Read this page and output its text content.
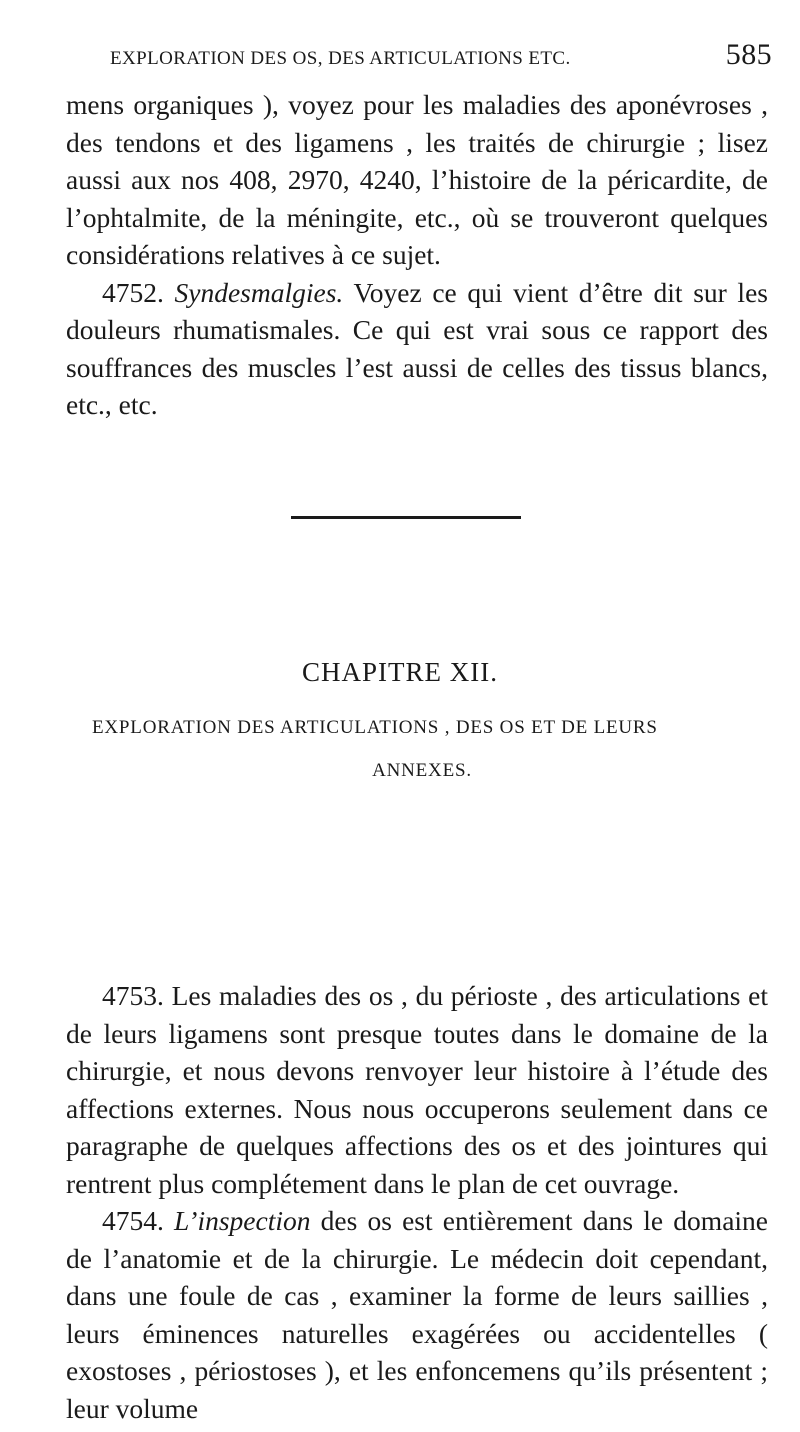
EXPLORATION DES OS, DES ARTICULATIONS ETC.	585

mens organiques ), voyez pour les maladies des aponévroses , des tendons et des ligamens , les traités de chirurgie ; lisez aussi aux nos 408, 2970, 4240, l’histoire de la péricardite, de l’ophtalmite, de la méningite, etc., où se trouveront quelques considérations relatives à ce sujet.

4752. Syndesmalgies. Voyez ce qui vient d’être dit sur les douleurs rhumatismales. Ce qui est vrai sous ce rapport des souffrances des muscles l’est aussi de celles des tissus blancs, etc., etc.

CHAPITRE XII.
EXPLORATION DES ARTICULATIONS , DES OS ET DE LEURS
ANNEXES.

4753. Les maladies des os , du périoste , des articulations et de leurs ligamens sont presque toutes dans le domaine de la chirurgie, et nous devons renvoyer leur histoire à l’étude des affections externes. Nous nous occuperons seulement dans ce paragraphe de quelques affections des os et des jointures qui rentrent plus complétement dans le plan de cet ouvrage.

4754. L’inspection des os est entièrement dans le domaine de l’anatomie et de la chirurgie. Le médecin doit cependant, dans une foule de cas , examiner la forme de leurs saillies , leurs éminences naturelles exagérées ou accidentelles ( exostoses , périostoses ), et les enfoncemens qu’ils présentent ; leur volume
